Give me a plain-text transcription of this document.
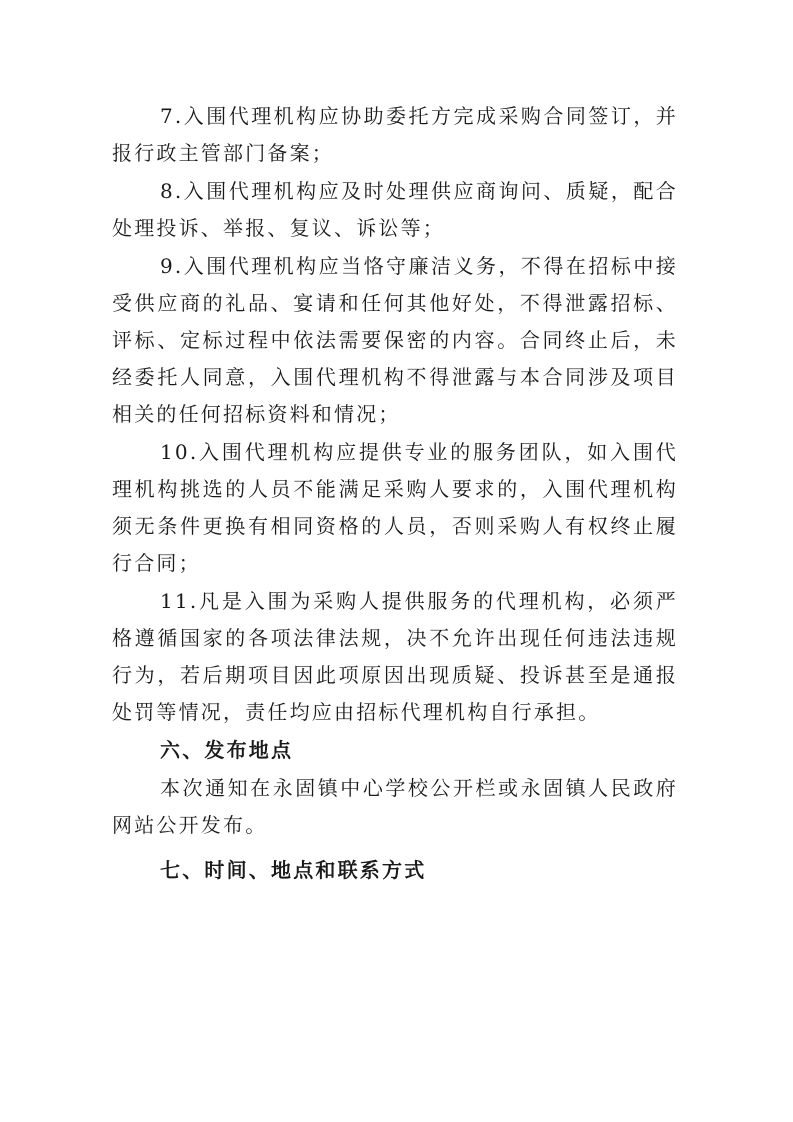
7.入围代理机构应协助委托方完成采购合同签订，并报行政主管部门备案；

8.入围代理机构应及时处理供应商询问、质疑，配合处理投诉、举报、复议、诉讼等；

9.入围代理机构应当恪守廉洁义务，不得在招标中接受供应商的礼品、宴请和任何其他好处，不得泄露招标、评标、定标过程中依法需要保密的内容。合同终止后，未经委托人同意，入围代理机构不得泄露与本合同涉及项目相关的任何招标资料和情况；

10.入围代理机构应提供专业的服务团队，如入围代理机构挑选的人员不能满足采购人要求的，入围代理机构须无条件更换有相同资格的人员，否则采购人有权终止履行合同；

11.凡是入围为采购人提供服务的代理机构，必须严格遵循国家的各项法律法规，决不允许出现任何违法违规行为，若后期项目因此项原因出现质疑、投诉甚至是通报处罚等情况，责任均应由招标代理机构自行承担。

六、发布地点

本次通知在永固镇中心学校公开栏或永固镇人民政府网站公开发布。

七、时间、地点和联系方式
